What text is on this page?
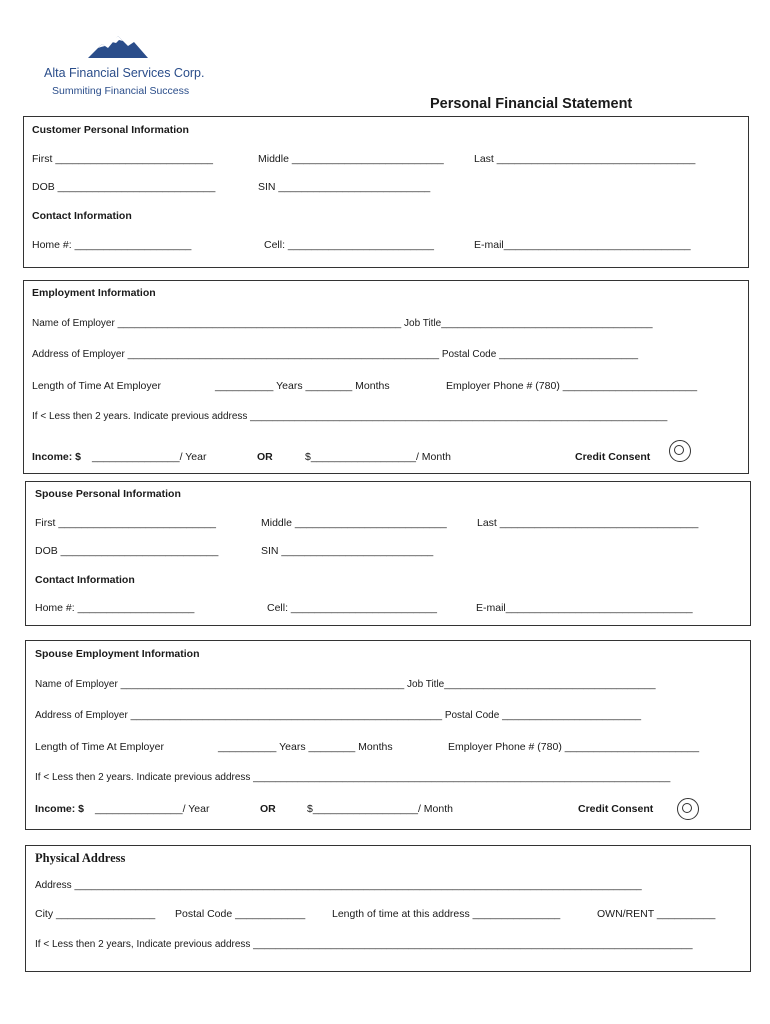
Alta Financial Services Corp.
Summiting Financial Success
Personal Financial Statement
Customer Personal Information
First ___________________________	Middle __________________________	Last __________________________________
DOB ___________________________	SIN __________________________
Contact Information
Home #: ____________________	Cell: _________________________	E-mail________________________________
Employment Information
Name of Employer ___________________________________________________ Job Title______________________________________
Address of Employer ________________________________________________________ Postal Code _________________________
Length of Time At Employer	__________ Years ________ Months	Employer Phone # (780) _______________________
If < Less then 2 years. Indicate previous address ___________________________________________________________________________
Income: $ _______________/ Year	OR	$__________________/ Month	Credit Consent
Spouse Personal Information
First ___________________________	Middle __________________________	Last __________________________________
DOB ___________________________	SIN __________________________
Contact Information
Home #: ____________________	Cell: _________________________	E-mail________________________________
Spouse Employment Information
Name of Employer ___________________________________________________ Job Title______________________________________
Address of Employer ________________________________________________________ Postal Code _________________________
Length of Time At Employer	__________ Years ________ Months	Employer Phone # (780) _______________________
If < Less then 2 years. Indicate previous address ___________________________________________________________________________
Income: $ _______________/ Year	OR	$__________________/ Month	Credit Consent
Physical Address
Address ______________________________________________________________________________________________________
City _________________ Postal Code ____________	Length of time at this address _______________	OWN/RENT __________
If < Less then 2 years, Indicate previous address _______________________________________________________________________________
